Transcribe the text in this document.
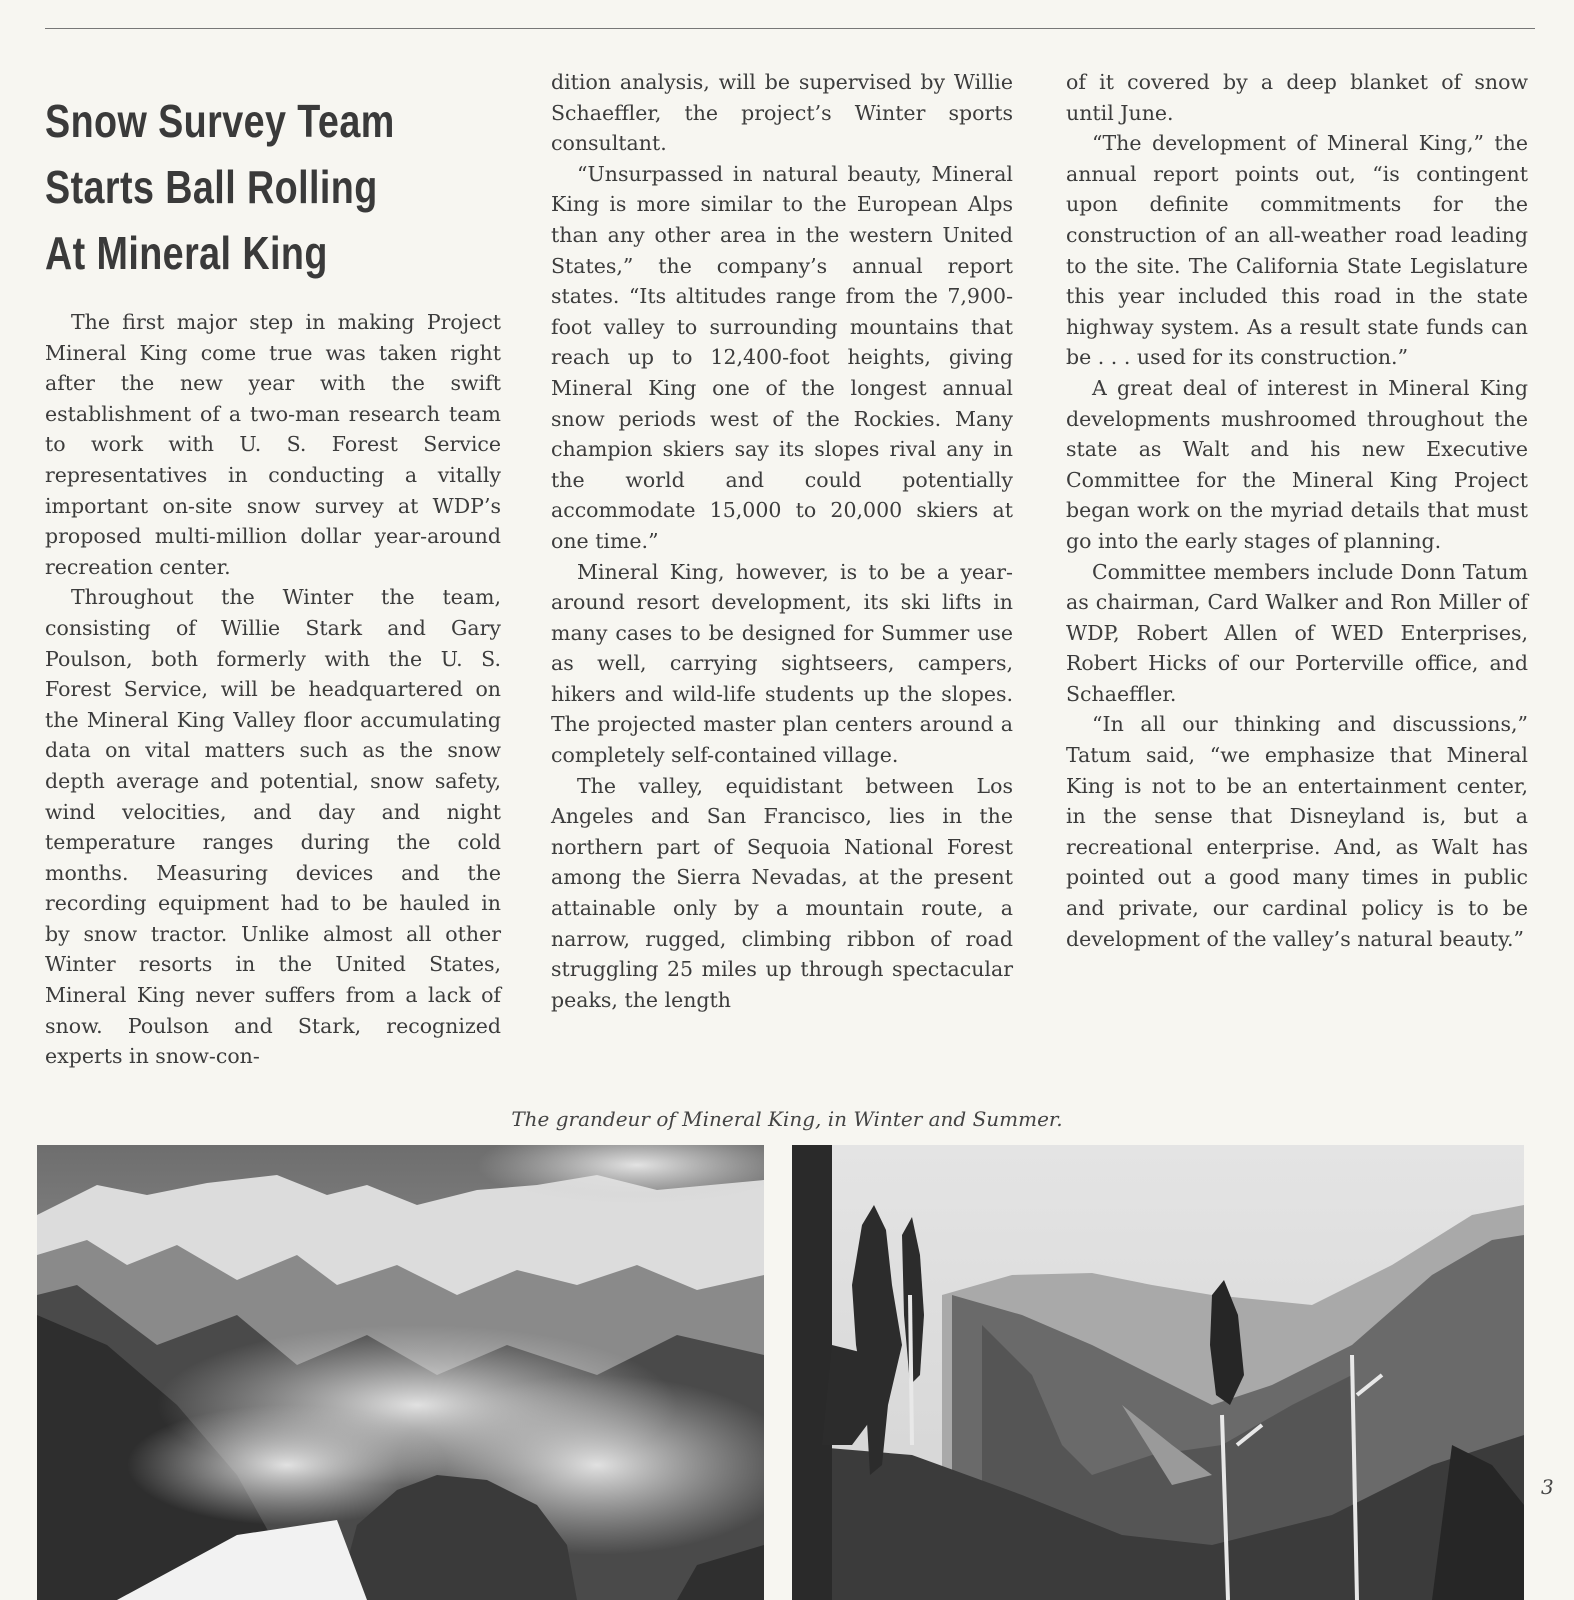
Snow Survey Team
Starts Ball Rolling
At Mineral King

The first major step in making Project Mineral King come true was taken right after the new year with the swift establishment of a two-man research team to work with U. S. Forest Service representatives in conducting a vitally important on-site snow survey at WDP’s proposed multi-million dollar year-around recreation center.

Throughout the Winter the team, consisting of Willie Stark and Gary Poulson, both formerly with the U. S. Forest Service, will be headquartered on the Mineral King Valley floor accumulating data on vital matters such as the snow depth average and potential, snow safety, wind velocities, and day and night temperature ranges during the cold months. Measuring devices and the recording equipment had to be hauled in by snow tractor. Unlike almost all other Winter resorts in the United States, Mineral King never suffers from a lack of snow. Poulson and Stark, recognized experts in snow-con-

dition analysis, will be supervised by Willie Schaeffler, the project’s Winter sports consultant.

“Unsurpassed in natural beauty, Mineral King is more similar to the European Alps than any other area in the western United States,” the company’s annual report states. “Its altitudes range from the 7,900-foot valley to surrounding mountains that reach up to 12,400-foot heights, giving Mineral King one of the longest annual snow periods west of the Rockies. Many champion skiers say its slopes rival any in the world and could potentially accommodate 15,000 to 20,000 skiers at one time.”

Mineral King, however, is to be a year-around resort development, its ski lifts in many cases to be designed for Summer use as well, carrying sightseers, campers, hikers and wild-life students up the slopes. The projected master plan centers around a completely self-contained village.

The valley, equidistant between Los Angeles and San Francisco, lies in the northern part of Sequoia National Forest among the Sierra Nevadas, at the present attainable only by a mountain route, a narrow, rugged, climbing ribbon of road struggling 25 miles up through spectacular peaks, the length

of it covered by a deep blanket of snow until June.

“The development of Mineral King,” the annual report points out, “is contingent upon definite commitments for the construction of an all-weather road leading to the site. The California State Legislature this year included this road in the state highway system. As a result state funds can be . . . used for its construction.”

A great deal of interest in Mineral King developments mushroomed throughout the state as Walt and his new Executive Committee for the Mineral King Project began work on the myriad details that must go into the early stages of planning.

Committee members include Donn Tatum as chairman, Card Walker and Ron Miller of WDP, Robert Allen of WED Enterprises, Robert Hicks of our Porterville office, and Schaeffler.

“In all our thinking and discussions,” Tatum said, “we emphasize that Mineral King is not to be an entertainment center, in the sense that Disneyland is, but a recreational enterprise. And, as Walt has pointed out a good many times in public and private, our cardinal policy is to be development of the valley’s natural beauty.”

The grandeur of Mineral King, in Winter and Summer.
3
